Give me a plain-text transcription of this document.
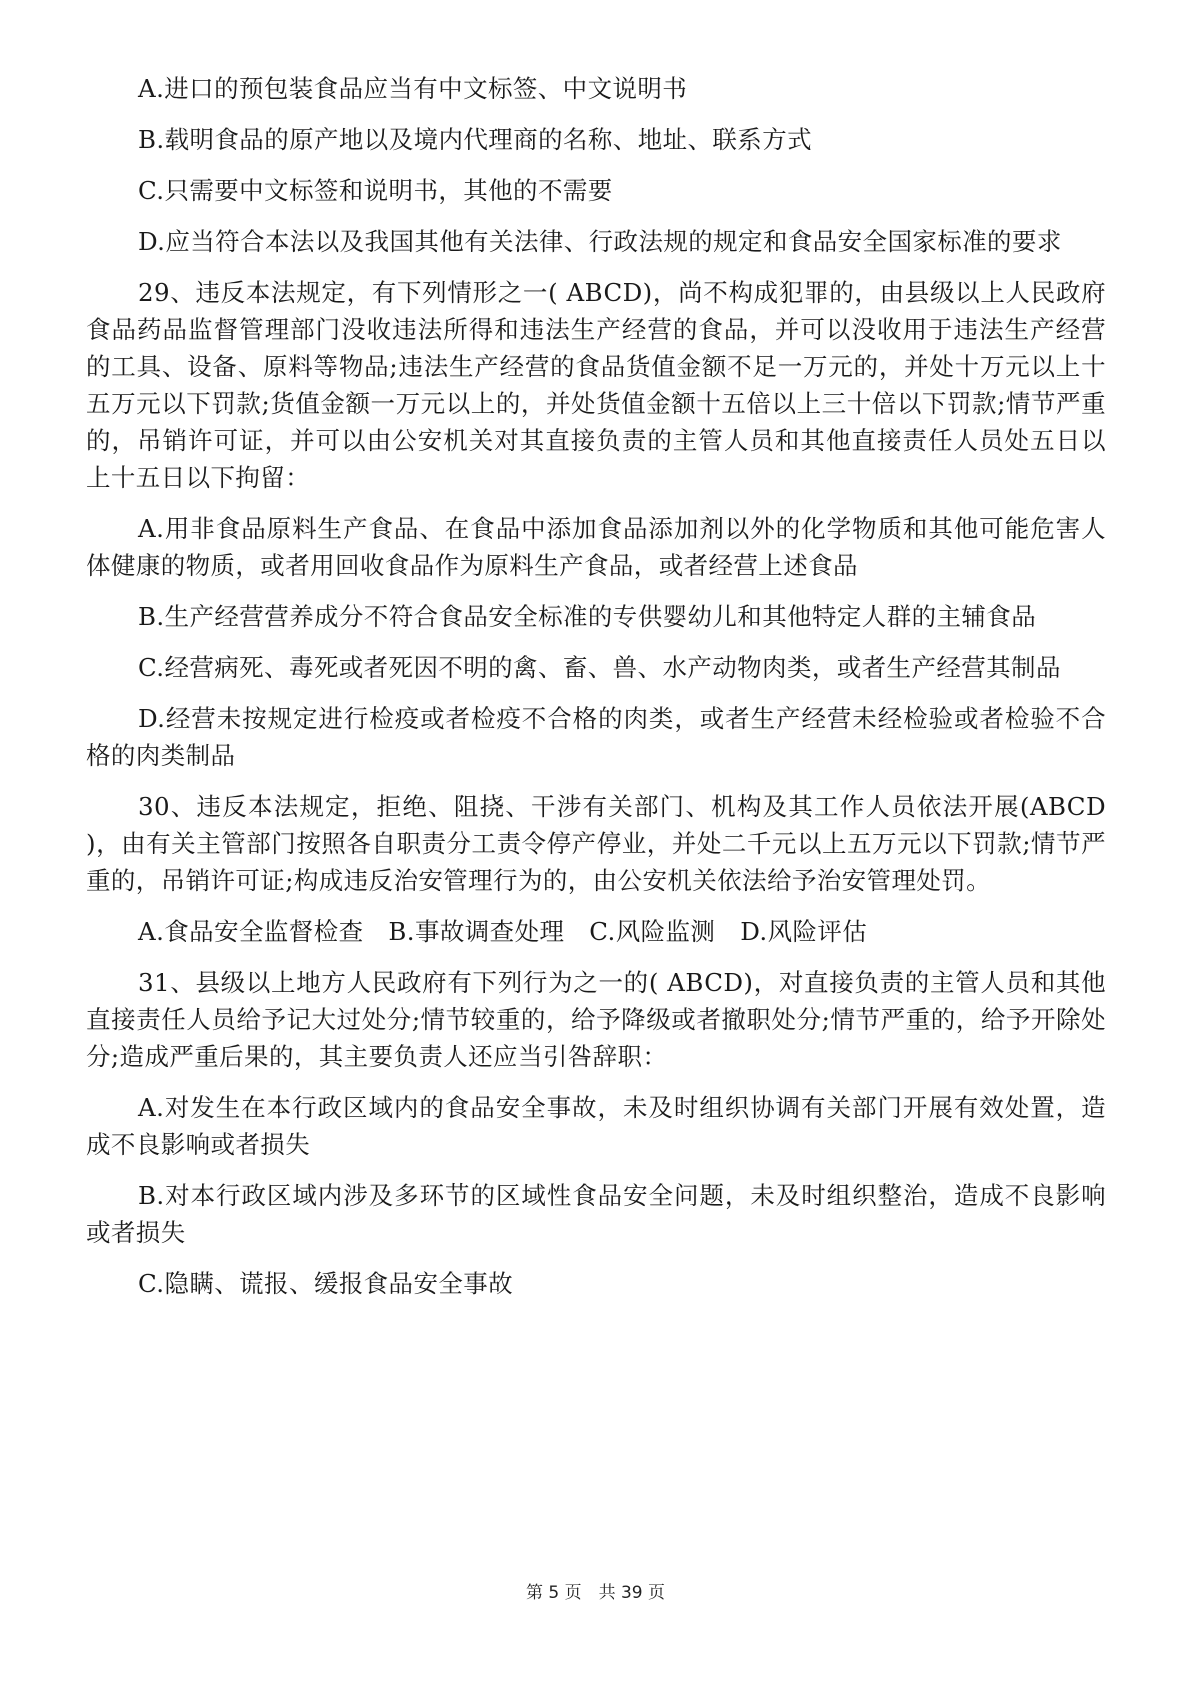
A.进口的预包装食品应当有中文标签、中文说明书

B.载明食品的原产地以及境内代理商的名称、地址、联系方式

C.只需要中文标签和说明书，其他的不需要

D.应当符合本法以及我国其他有关法律、行政法规的规定和食品安全国家标准的要求

29、违反本法规定，有下列情形之一( ABCD)，尚不构成犯罪的，由县级以上人民政府食品药品监督管理部门没收违法所得和违法生产经营的食品，并可以没收用于违法生产经营的工具、设备、原料等物品;违法生产经营的食品货值金额不足一万元的，并处十万元以上十五万元以下罚款;货值金额一万元以上的，并处货值金额十五倍以上三十倍以下罚款;情节严重的，吊销许可证，并可以由公安机关对其直接负责的主管人员和其他直接责任人员处五日以上十五日以下拘留：

A.用非食品原料生产食品、在食品中添加食品添加剂以外的化学物质和其他可能危害人体健康的物质，或者用回收食品作为原料生产食品，或者经营上述食品

B.生产经营营养成分不符合食品安全标准的专供婴幼儿和其他特定人群的主辅食品

C.经营病死、毒死或者死因不明的禽、畜、兽、水产动物肉类，或者生产经营其制品

D.经营未按规定进行检疫或者检疫不合格的肉类，或者生产经营未经检验或者检验不合格的肉类制品

30、违反本法规定，拒绝、阻挠、干涉有关部门、机构及其工作人员依法开展(ABCD )，由有关主管部门按照各自职责分工责令停产停业，并处二千元以上五万元以下罚款;情节严重的，吊销许可证;构成违反治安管理行为的，由公安机关依法给予治安管理处罚。

A.食品安全监督检查　B.事故调查处理　C.风险监测　D.风险评估

31、县级以上地方人民政府有下列行为之一的( ABCD)，对直接负责的主管人员和其他直接责任人员给予记大过处分;情节较重的，给予降级或者撤职处分;情节严重的，给予开除处分;造成严重后果的，其主要负责人还应当引咎辞职：

A.对发生在本行政区域内的食品安全事故，未及时组织协调有关部门开展有效处置，造成不良影响或者损失

B.对本行政区域内涉及多环节的区域性食品安全问题，未及时组织整治，造成不良影响或者损失

C.隐瞒、谎报、缓报食品安全事故

第 5 页　共 39 页
